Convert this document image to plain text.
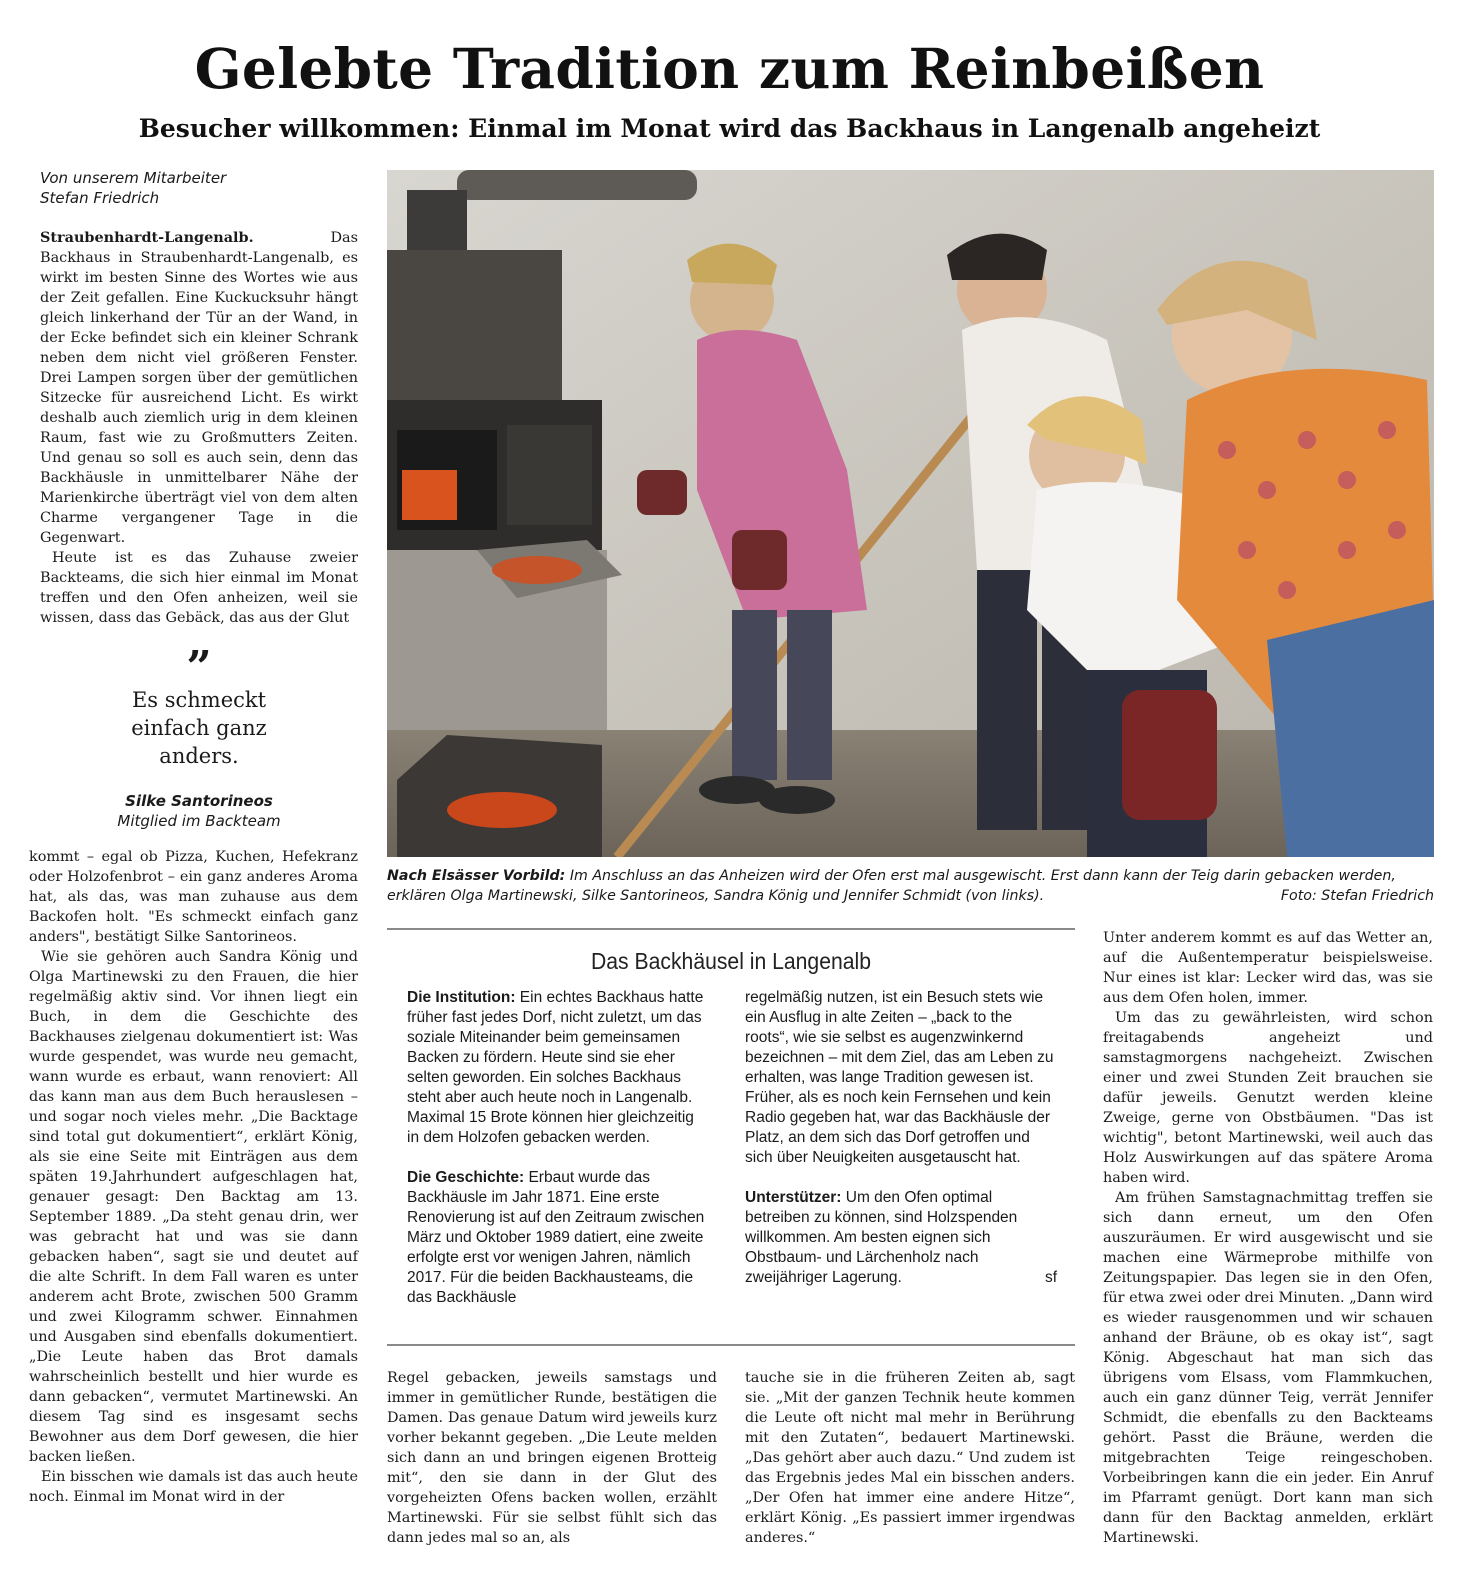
Gelebte Tradition zum Reinbeißen
Besucher willkommen: Einmal im Monat wird das Backhaus in Langenalb angeheizt
Von unserem Mitarbeiter
Stefan Friedrich

Straubenhardt-Langenalb.	Das Backhaus in Straubenhardt-Langenalb, es wirkt im besten Sinne des Wortes wie aus der Zeit gefallen. Eine Kuckucksuhr hängt gleich linkerhand der Tür an der Wand, in der Ecke befindet sich ein kleiner Schrank neben dem nicht viel größeren Fenster. Drei Lampen sorgen über der gemütlichen Sitzecke für ausreichend Licht. Es wirkt deshalb auch ziemlich urig in dem kleinen Raum, fast wie zu Großmutters Zeiten. Und genau so soll es auch sein, denn das Backhäusle in unmittelbarer Nähe der Marienkirche überträgt viel von dem alten Charme vergangener Tage in die Gegenwart.

Heute ist es das Zuhause zweier Backteams, die sich hier einmal im Monat treffen und den Ofen anheizen, weil sie wissen, dass das Gebäck, das aus der Glut

”
Es schmeckt einfach ganz anders.
Silke Santorineos
Mitglied im Backteam

kommt – egal ob Pizza, Kuchen, Hefekranz oder Holzofenbrot – ein ganz anderes Aroma hat, als das, was man zuhause aus dem Backofen holt. "Es schmeckt einfach ganz anders", bestätigt Silke Santorineos.

Wie sie gehören auch Sandra König und Olga Martinewski zu den Frauen, die hier regelmäßig aktiv sind. Vor ihnen liegt ein Buch, in dem die Geschichte des Backhauses zielgenau dokumentiert ist: Was wurde gespendet, was wurde neu gemacht, wann wurde es erbaut, wann renoviert: All das kann man aus dem Buch herauslesen – und sogar noch vieles mehr. „Die Backtage sind total gut dokumentiert“, erklärt König, als sie eine Seite mit Einträgen aus dem späten 19.Jahrhundert aufgeschlagen hat, genauer gesagt: Den Backtag am 13. September 1889. „Da steht genau drin, wer was gebracht hat und was sie dann gebacken haben“, sagt sie und deutet auf die alte Schrift. In dem Fall waren es unter anderem acht Brote, zwischen 500 Gramm und zwei Kilogramm schwer. Einnahmen und Ausgaben sind ebenfalls dokumentiert. „Die Leute haben das Brot damals wahrscheinlich bestellt und hier wurde es dann gebacken“, vermutet Martinewski. An diesem Tag sind es insgesamt sechs Bewohner aus dem Dorf gewesen, die hier backen ließen.

Ein bisschen wie damals ist das auch heute noch. Einmal im Monat wird in der

Nach Elsässer Vorbild: Im Anschluss an das Anheizen wird der Ofen erst mal ausgewischt. Erst dann kann der Teig darin gebacken werden, erklären Olga Martinewski, Silke Santorineos, Sandra König und Jennifer Schmidt (von links).	Foto: Stefan Friedrich
Das Backhäusel in Langenalb

Die Institution: Ein echtes Backhaus hatte früher fast jedes Dorf, nicht zuletzt, um das soziale Miteinander beim gemeinsamen Backen zu fördern. Heute sind sie eher selten geworden. Ein solches Backhaus steht aber auch heute noch in Langenalb. Maximal 15 Brote können hier gleichzeitig in dem Holzofen gebacken werden.

Die Geschichte: Erbaut wurde das Backhäusle im Jahr 1871. Eine erste Renovierung ist auf den Zeitraum zwischen März und Oktober 1989 datiert, eine zweite erfolgte erst vor wenigen Jahren, nämlich 2017. Für die beiden Backhausteams, die das Backhäusle

regelmäßig nutzen, ist ein Besuch stets wie ein Ausflug in alte Zeiten – „back to the roots“, wie sie selbst es augenzwinkernd bezeichnen – mit dem Ziel, das am Leben zu erhalten, was lange Tradition gewesen ist. Früher, als es noch kein Fernsehen und kein Radio gegeben hat, war das Backhäusle der Platz, an dem sich das Dorf getroffen und sich über Neuigkeiten ausgetauscht hat.

Unterstützer: Um den Ofen optimal betreiben zu können, sind Holzspenden willkommen. Am besten eignen sich Obstbaum- und Lärchenholz nach zweijähriger Lagerung.	sf

Regel gebacken, jeweils samstags und immer in gemütlicher Runde, bestätigen die Damen. Das genaue Datum wird jeweils kurz vorher bekannt gegeben. „Die Leute melden sich dann an und bringen eigenen Brotteig mit“, den sie dann in der Glut des vorgeheizten Ofens backen wollen, erzählt Martinewski. Für sie selbst fühlt sich das dann jedes mal so an, als

tauche sie in die früheren Zeiten ab, sagt sie. „Mit der ganzen Technik heute kommen die Leute oft nicht mal mehr in Berührung mit den Zutaten“, bedauert Martinewski. „Das gehört aber auch dazu.“ Und zudem ist das Ergebnis jedes Mal ein bisschen anders. „Der Ofen hat immer eine andere Hitze“, erklärt König. „Es passiert immer irgendwas anderes.“

Unter anderem kommt es auf das Wetter an, auf die Außentemperatur beispielsweise. Nur eines ist klar: Lecker wird das, was sie aus dem Ofen holen, immer.

Um das zu gewährleisten, wird schon freitagabends angeheizt und samstagmorgens nachgeheizt. Zwischen einer und zwei Stunden Zeit brauchen sie dafür jeweils. Genutzt werden kleine Zweige, gerne von Obstbäumen. "Das ist wichtig", betont Martinewski, weil auch das Holz Auswirkungen auf das spätere Aroma haben wird.

Am frühen Samstagnachmittag treffen sie sich dann erneut, um den Ofen auszuräumen. Er wird ausgewischt und sie machen eine Wärmeprobe mithilfe von Zeitungspapier. Das legen sie in den Ofen, für etwa zwei oder drei Minuten. „Dann wird es wieder rausgenommen und wir schauen anhand der Bräune, ob es okay ist“, sagt König. Abgeschaut hat man sich das übrigens vom Elsass, vom Flammkuchen, auch ein ganz dünner Teig, verrät Jennifer Schmidt, die ebenfalls zu den Backteams gehört. Passt die Bräune, werden die mitgebrachten Teige reingeschoben. Vorbeibringen kann die ein jeder. Ein Anruf im Pfarramt genügt. Dort kann man sich dann für den Backtag anmelden, erklärt Martinewski.
